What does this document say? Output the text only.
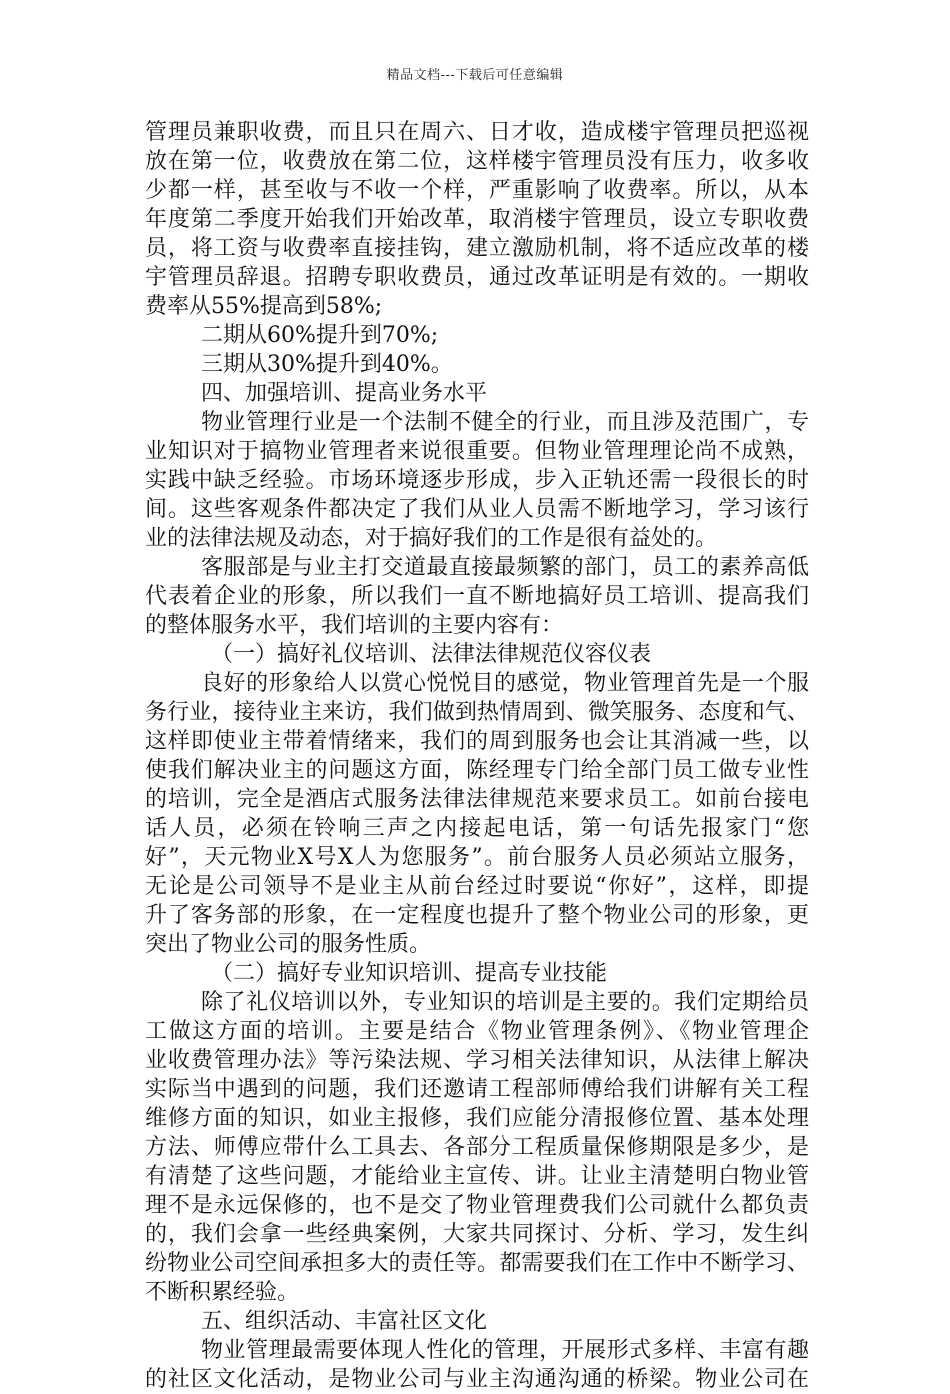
精品文档---下载后可任意编辑
管理员兼职收费，而且只在周六、日才收，造成楼宇管理员把巡视
放在第一位，收费放在第二位，这样楼宇管理员没有压力，收多收
少都一样，甚至收与不收一个样，严重影响了收费率。所以，从本
年度第二季度开始我们开始改革，取消楼宇管理员，设立专职收费
员，将工资与收费率直接挂钩，建立激励机制，将不适应改革的楼
宇管理员辞退。招聘专职收费员，通过改革证明是有效的。一期收
费率从55%提高到58%;
二期从60%提升到70%;
三期从30%提升到40%。
四、加强培训、提高业务水平
物业管理行业是一个法制不健全的行业，而且涉及范围广，专
业知识对于搞物业管理者来说很重要。但物业管理理论尚不成熟，
实践中缺乏经验。市场环境逐步形成，步入正轨还需一段很长的时
间。这些客观条件都决定了我们从业人员需不断地学习，学习该行
业的法律法规及动态，对于搞好我们的工作是很有益处的。
客服部是与业主打交道最直接最频繁的部门，员工的素养高低
代表着企业的形象，所以我们一直不断地搞好员工培训、提高我们
的整体服务水平，我们培训的主要内容有：
（一）搞好礼仪培训、法律法律规范仪容仪表
良好的形象给人以赏心悦悦目的感觉，物业管理首先是一个服
务行业，接待业主来访，我们做到热情周到、微笑服务、态度和气、
这样即使业主带着情绪来，我们的周到服务也会让其消减一些，以
使我们解决业主的问题这方面，陈经理专门给全部门员工做专业性
的培训，完全是酒店式服务法律法律规范来要求员工。如前台接电
话人员，必须在铃响三声之内接起电话，第一句话先报家门“您
好”，天元物业X号X人为您服务”。前台服务人员必须站立服务，
无论是公司领导不是业主从前台经过时要说“你好”，这样，即提
升了客务部的形象，在一定程度也提升了整个物业公司的形象，更
突出了物业公司的服务性质。
（二）搞好专业知识培训、提高专业技能
除了礼仪培训以外，专业知识的培训是主要的。我们定期给员
工做这方面的培训。主要是结合《物业管理条例》、《物业管理企
业收费管理办法》等污染法规、学习相关法律知识，从法律上解决
实际当中遇到的问题，我们还邀请工程部师傅给我们讲解有关工程
维修方面的知识，如业主报修，我们应能分清报修位置、基本处理
方法、师傅应带什么工具去、各部分工程质量保修期限是多少，是
有清楚了这些问题，才能给业主宣传、讲。让业主清楚明白物业管
理不是永远保修的，也不是交了物业管理费我们公司就什么都负责
的，我们会拿一些经典案例，大家共同探讨、分析、学习，发生纠
纷物业公司空间承担多大的责任等。都需要我们在工作中不断学习、
不断积累经验。
五、组织活动、丰富社区文化
物业管理最需要体现人性化的管理，开展形式多样、丰富有趣
的社区文化活动，是物业公司与业主沟通沟通的桥梁。物业公司在
